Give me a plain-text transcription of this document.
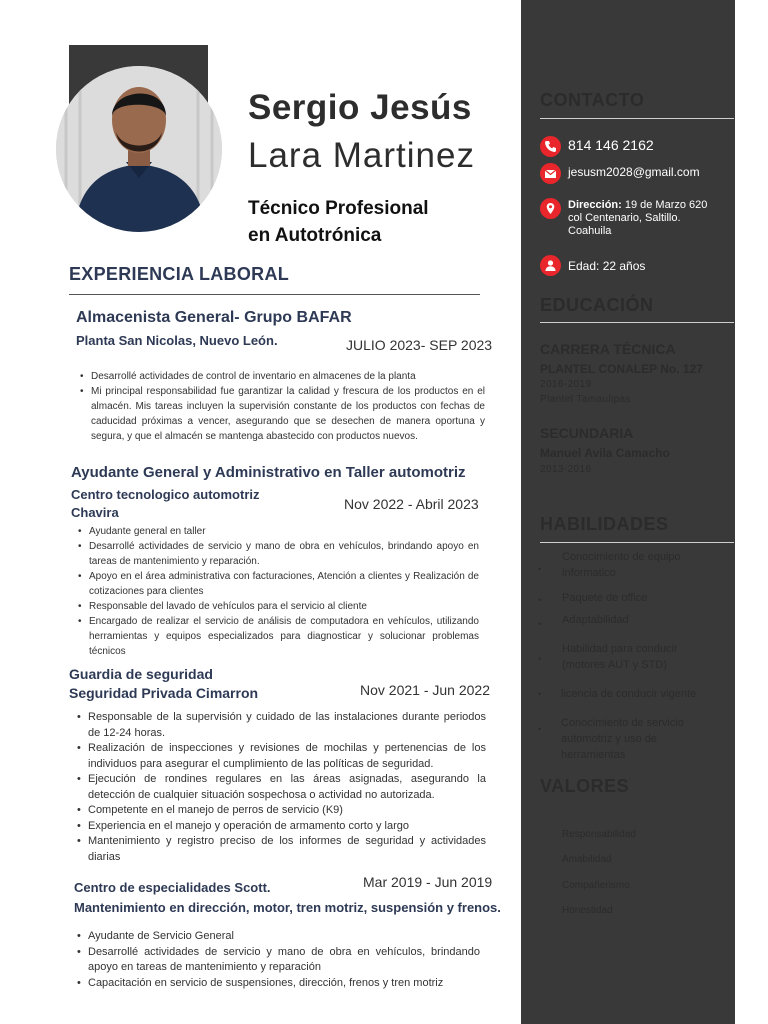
Sergio Jesús
Lara Martinez
Técnico Profesional
en Autotrónica
EXPERIENCIA LABORAL
Almacenista General- Grupo BAFAR
Planta San Nicolas, Nuevo León.	JULIO 2023- SEP 2023
• Desarrollé actividades de control de inventario en almacenes de la planta
• Mi principal responsabilidad fue garantizar la calidad y frescura de los productos en el almacén. Mis tareas incluyen la supervisión constante de los productos con fechas de caducidad próximas a vencer, asegurando que se desechen de manera oportuna y segura, y que el almacén se mantenga abastecido con productos nuevos.
Ayudante General y Administrativo en Taller automotriz
Centro tecnologico automotriz
Chavira
Nov 2022 - Abril 2023
• Ayudante general en taller
• Desarrollé actividades de servicio y mano de obra en vehículos, brindando apoyo en tareas de mantenimiento y reparación.
• Apoyo en el área administrativa con facturaciones, Atención a clientes y Realización de cotizaciones para clientes
• Responsable del lavado de vehículos para el servicio al cliente
• Encargado de realizar el servicio de análisis de computadora en vehículos, utilizando herramientas y equipos especializados para diagnosticar y solucionar problemas técnicos
Guardia de seguridad
Seguridad Privada Cimarron	Nov 2021 - Jun 2022
• Responsable de la supervisión y cuidado de las instalaciones durante periodos de 12-24 horas.
• Realización de inspecciones y revisiones de mochilas y pertenencias de los individuos para asegurar el cumplimiento de las políticas de seguridad.
• Ejecución de rondines regulares en las áreas asignadas, asegurando la detección de cualquier situación sospechosa o actividad no autorizada.
• Competente en el manejo de perros de servicio (K9)
• Experiencia en el manejo y operación de armamento corto y largo
• Mantenimiento y registro preciso de los informes de seguridad y actividades diarias
Centro de especialidades Scott.	Mar 2019 - Jun 2019
Mantenimiento en dirección, motor, tren motriz, suspensión y frenos.
• Ayudante de Servicio General
• Desarrollé actividades de servicio y mano de obra en vehículos, brindando apoyo en tareas de mantenimiento y reparación
• Capacitación en servicio de suspensiones, dirección, frenos y tren motriz
CONTACTO
814 146 2162
jesusm2028@gmail.com
Dirección: 19 de Marzo 620
col Centenario, Saltillo.
Coahuila
Edad: 22 años
EDUCACIÓN
CARRERA TÉCNICA
PLANTEL CONALEP No. 127
2016-2019
Plantel Tamaulipas
SECUNDARIA
Manuel Avila Camacho
2013-2016
HABILIDADES
•
Conocimiento de equipo informatico
• Paquete de office
• Adaptabilidad
•
Habilidad para conducir (motores AUT y STD)
• licencia de conducir vigente
• Conocimiento de servicio automotriz y uso de herramientas
VALORES
Responsabilidad
Amabilidad
Compañerismo
Honestidad
